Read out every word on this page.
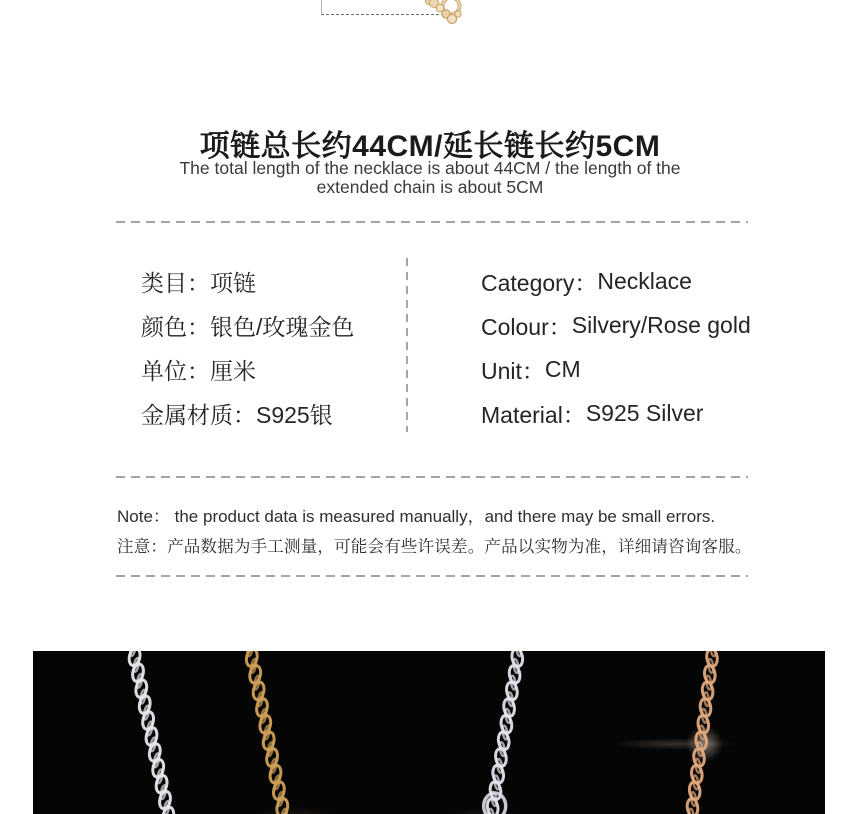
项链总长约44CM/延长链长约5CM
The total length of the necklace is about 44CM / the length of the
extended chain is about 5CM
类目： 项链
颜色： 银色/玫瑰金色
单位： 厘米
金属材质： S925银
Category： Necklace
Colour： Silvery/Rose gold
Unit： CM
Material： S925 Silver
Note： the product data is measured manually，and there may be small errors.
注意：产品数据为手工测量，可能会有些许误差。产品以实物为准，详细请咨询客服。
